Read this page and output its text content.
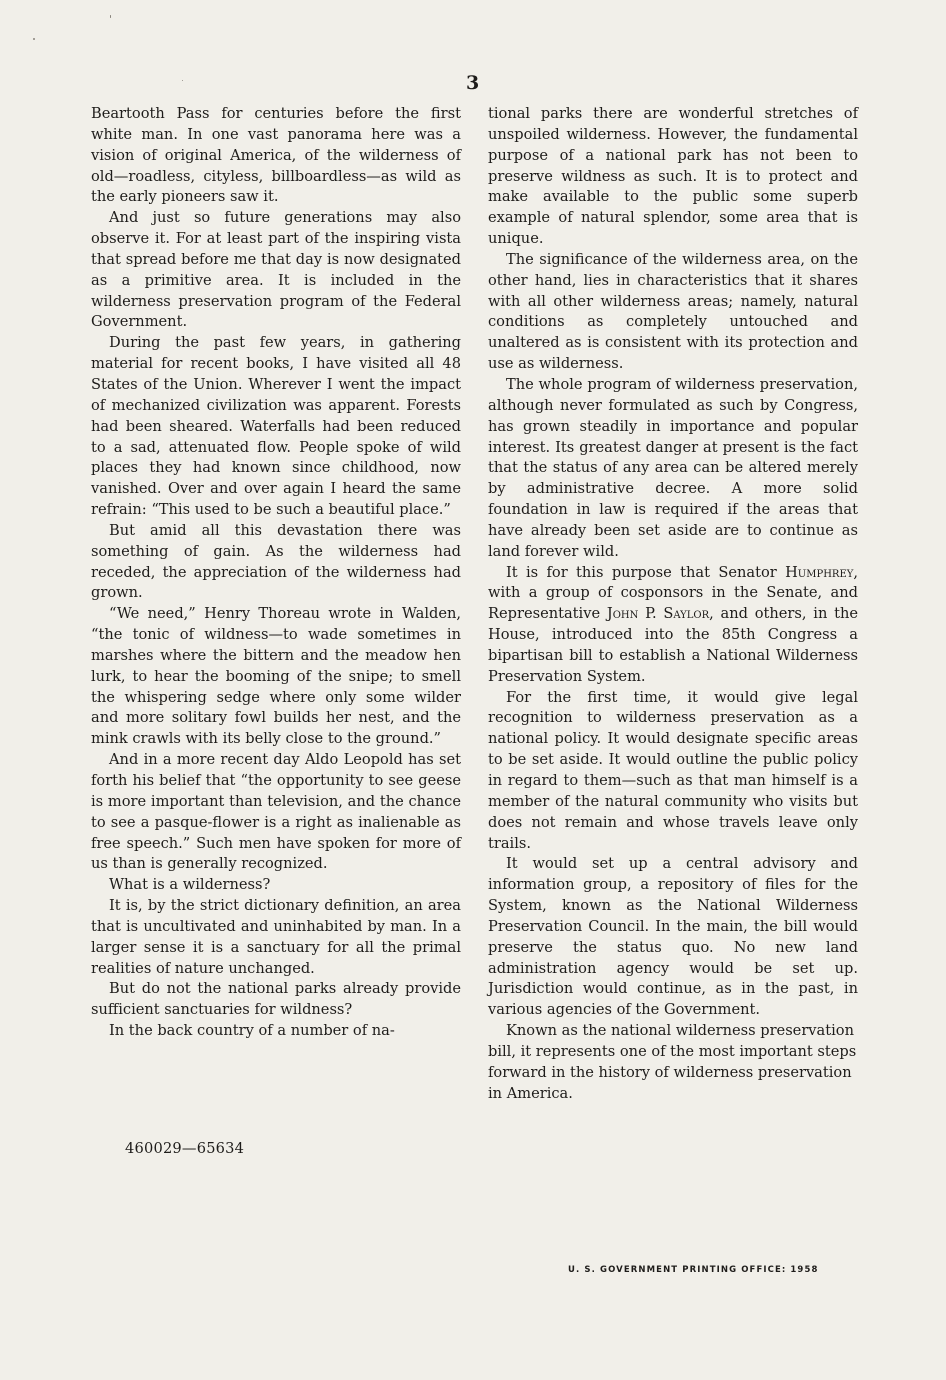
3

Beartooth Pass for centuries before the first white man. In one vast panorama here was a vision of original America, of the wilderness of old—roadless, cityless, billboardless—as wild as the early pioneers saw it.

And just so future generations may also observe it. For at least part of the inspiring vista that spread before me that day is now designated as a primitive area. It is included in the wilderness preservation program of the Federal Government.

During the past few years, in gathering material for recent books, I have visited all 48 States of the Union. Wherever I went the impact of mechanized civilization was apparent. Forests had been sheared. Waterfalls had been reduced to a sad, attenuated flow. People spoke of wild places they had known since childhood, now vanished. Over and over again I heard the same refrain: “This used to be such a beautiful place.”

But amid all this devastation there was something of gain. As the wilderness had receded, the appreciation of the wilderness had grown.

“We need,” Henry Thoreau wrote in Walden, “the tonic of wildness—to wade sometimes in marshes where the bittern and the meadow hen lurk, to hear the booming of the snipe; to smell the whispering sedge where only some wilder and more solitary fowl builds her nest, and the mink crawls with its belly close to the ground.”

And in a more recent day Aldo Leopold has set forth his belief that “the opportunity to see geese is more important than television, and the chance to see a pasque-flower is a right as inalienable as free speech.” Such men have spoken for more of us than is generally recognized.

What is a wilderness?

It is, by the strict dictionary definition, an area that is uncultivated and uninhabited by man. In a larger sense it is a sanctuary for all the primal realities of nature unchanged.

But do not the national parks already provide sufficient sanctuaries for wildness?

In the back country of a number of na-

tional parks there are wonderful stretches of unspoiled wilderness. However, the fundamental purpose of a national park has not been to preserve wildness as such. It is to protect and make available to the public some superb example of natural splendor, some area that is unique.

The significance of the wilderness area, on the other hand, lies in characteristics that it shares with all other wilderness areas; namely, natural conditions as completely untouched and unaltered as is consistent with its protection and use as wilderness.

The whole program of wilderness preservation, although never formulated as such by Congress, has grown steadily in importance and popular interest. Its greatest danger at present is the fact that the status of any area can be altered merely by administrative decree. A more solid foundation in law is required if the areas that have already been set aside are to continue as land forever wild.

It is for this purpose that Senator Humphrey, with a group of cosponsors in the Senate, and Representative John P. Saylor, and others, in the House, introduced into the 85th Congress a bipartisan bill to establish a National Wilderness Preservation System.

For the first time, it would give legal recognition to wilderness preservation as a national policy. It would designate specific areas to be set aside. It would outline the public policy in regard to them—such as that man himself is a member of the natural community who visits but does not remain and whose travels leave only trails.

It would set up a central advisory and information group, a repository of files for the System, known as the National Wilderness Preservation Council. In the main, the bill would preserve the status quo. No new land administration agency would be set up. Jurisdiction would continue, as in the past, in various agencies of the Government.

Known as the national wilderness preservation bill, it represents one of the most important steps forward in the history of wilderness preservation in America.

460029—65634
U. S. GOVERNMENT PRINTING OFFICE: 1958
